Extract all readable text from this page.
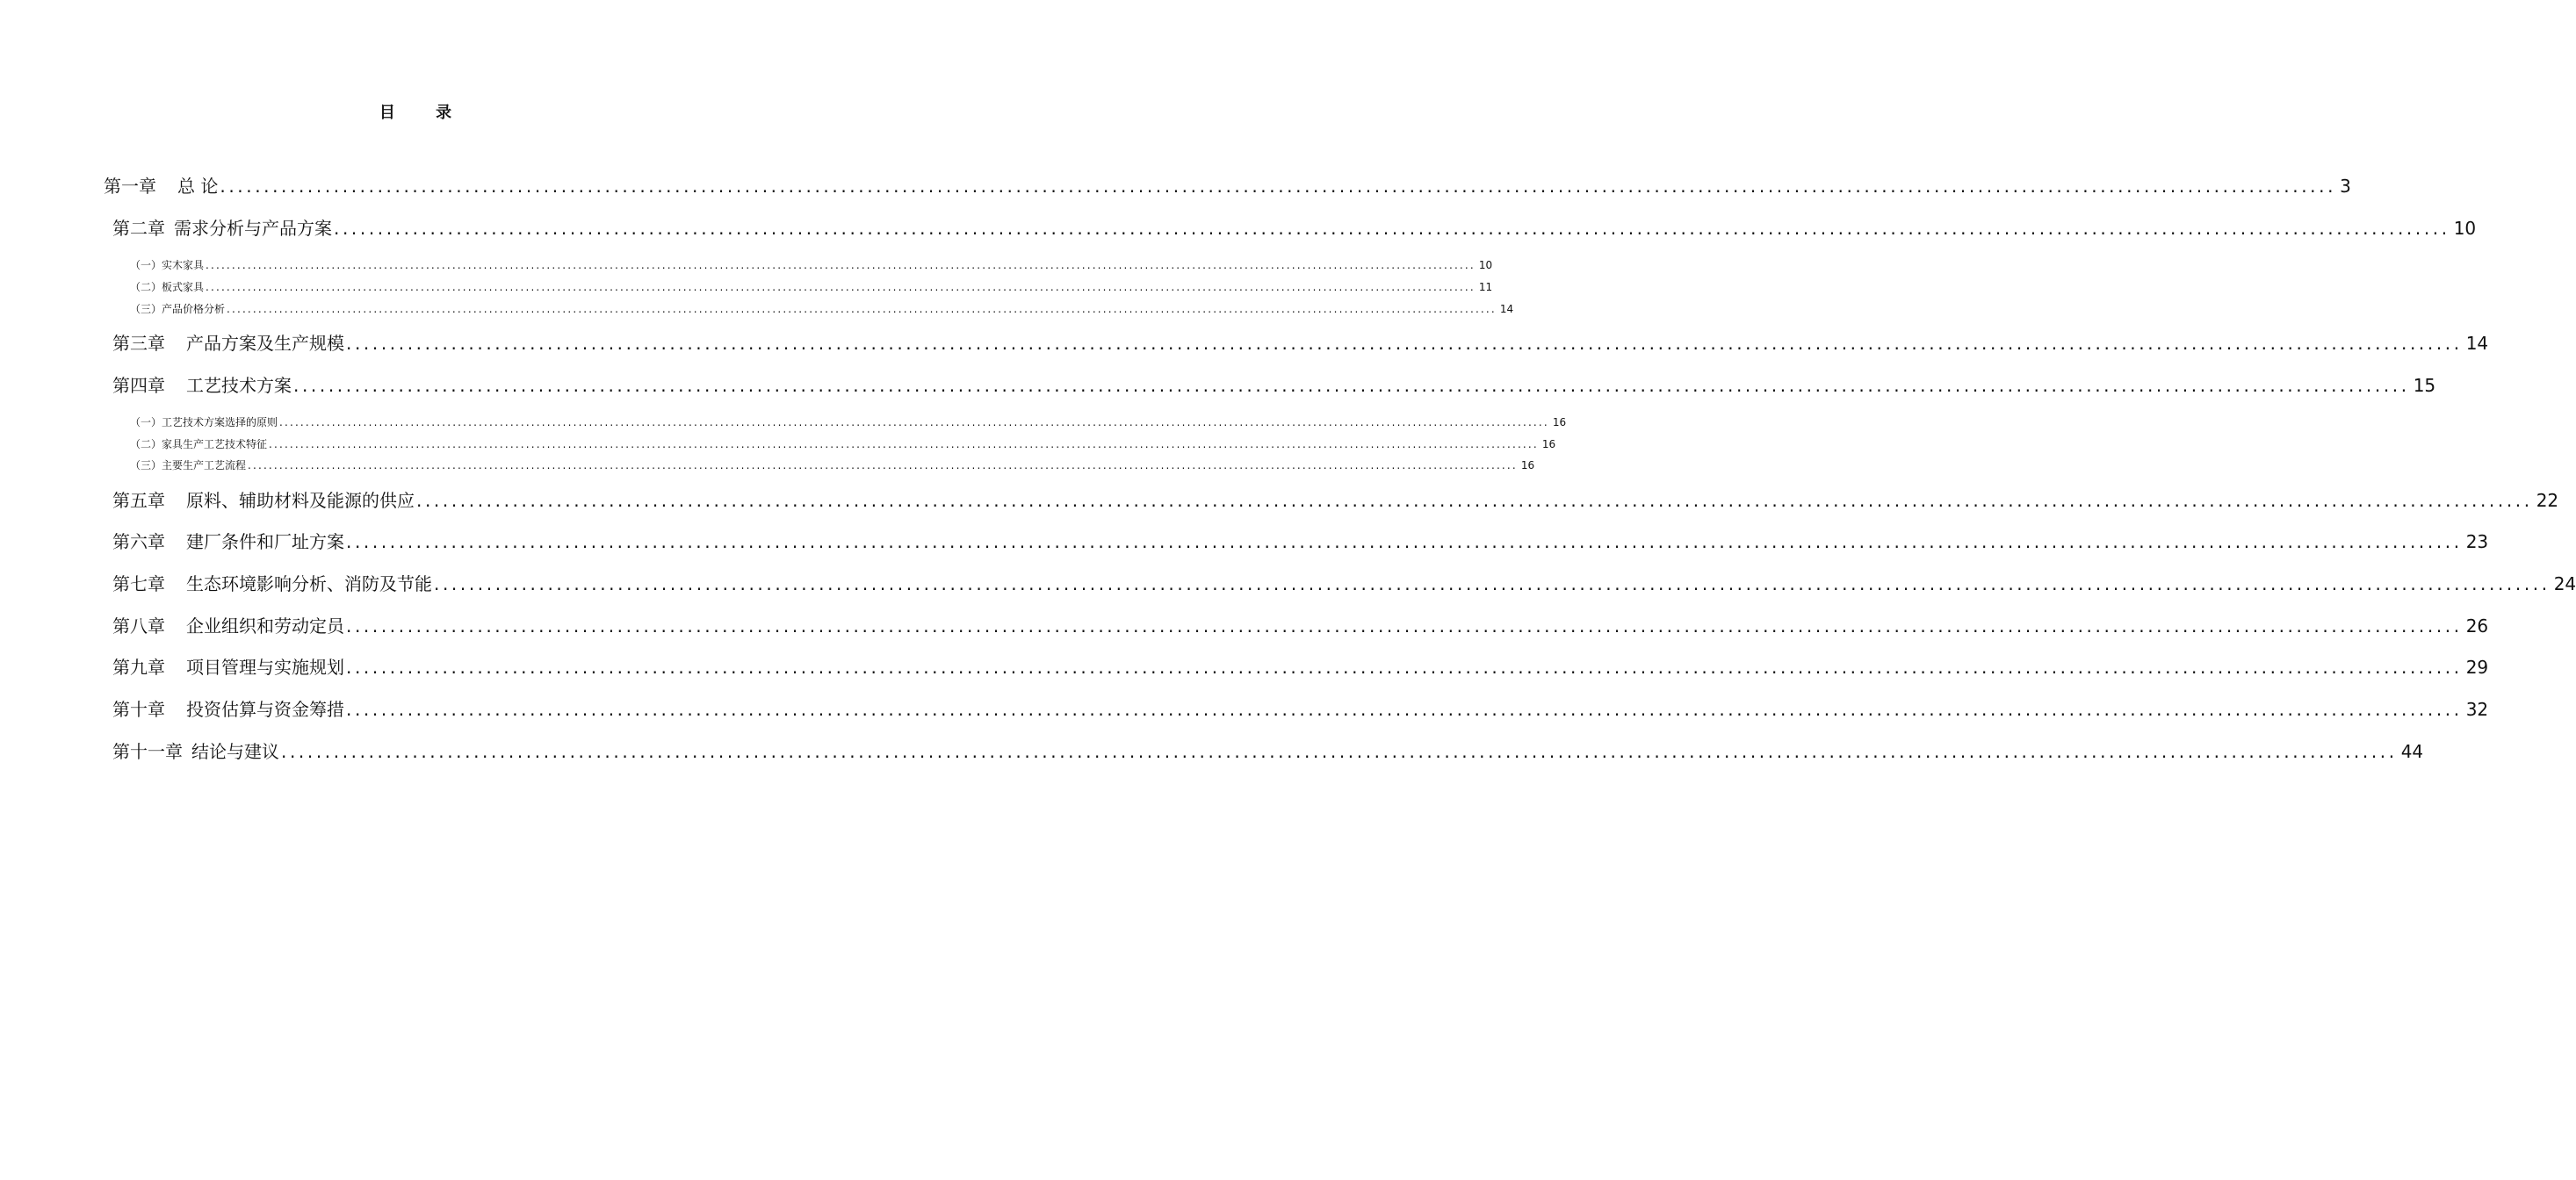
目 录
第一章 总 论 .................................................................................................................................................................................................................................................. 3
第二章 需求分析与产品方案 .................................................................................................................................................................................................................................................. 10
（一）实木家具 .................................................................................................................................................................................................................................................. 10
（二）板式家具 .................................................................................................................................................................................................................................................. 11
（三）产品价格分析 .................................................................................................................................................................................................................................................. 14
第三章 产品方案及生产规模 .................................................................................................................................................................................................................................................. 14
第四章 工艺技术方案 .................................................................................................................................................................................................................................................. 15
（一）工艺技术方案选择的原则 .................................................................................................................................................................................................................................................. 16
（二）家具生产工艺技术特征 .................................................................................................................................................................................................................................................. 16
（三）主要生产工艺流程 .................................................................................................................................................................................................................................................. 16
第五章 原料、辅助材料及能源的供应 .................................................................................................................................................................................................................................................. 22
第六章 建厂条件和厂址方案 .................................................................................................................................................................................................................................................. 23
第七章 生态环境影响分析、消防及节能 .................................................................................................................................................................................................................................................. 24
第八章 企业组织和劳动定员 .................................................................................................................................................................................................................................................. 26
第九章 项目管理与实施规划 .................................................................................................................................................................................................................................................. 29
第十章 投资估算与资金筹措 .................................................................................................................................................................................................................................................. 32
第十一章 结论与建议 .................................................................................................................................................................................................................................................. 44
